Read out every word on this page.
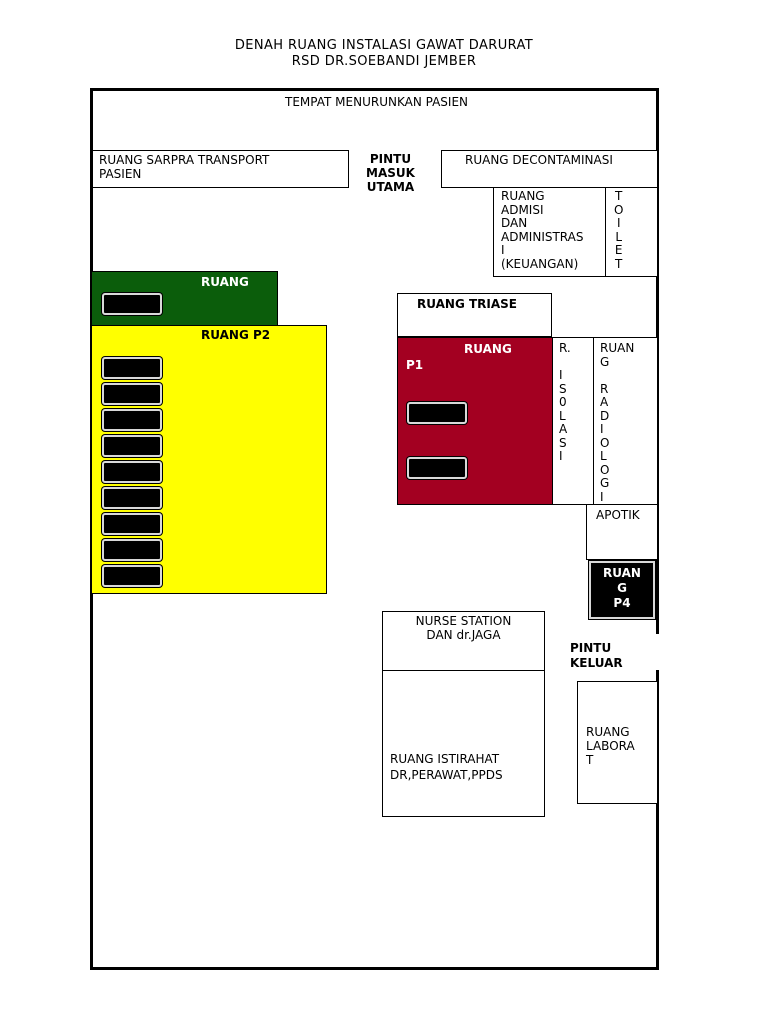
DENAH RUANG INSTALASI GAWAT DARURAT
RSD DR.SOEBANDI JEMBER
TEMPAT MENURUNKAN PASIEN
RUANG SARPRA TRANSPORT
PASIEN
PINTU
MASUK
UTAMA
RUANG DECONTAMINASI
RUANG
ADMISI
DAN
ADMINISTRAS
I
(KEUANGAN)
T
O
I
L
E
T
RUANG
RUANG P2
RUANG TRIASE
RUANG
P1
R.

I
S
0
L
A
S
I
RUAN
G

R
A
D
I
O
L
O
G
I
APOTIK
RUAN
G
P4
NURSE STATION
DAN dr.JAGA
PINTU
KELUAR
RUANG ISTIRAHAT
DR,PERAWAT,PPDS
RUANG
LABORA
T
